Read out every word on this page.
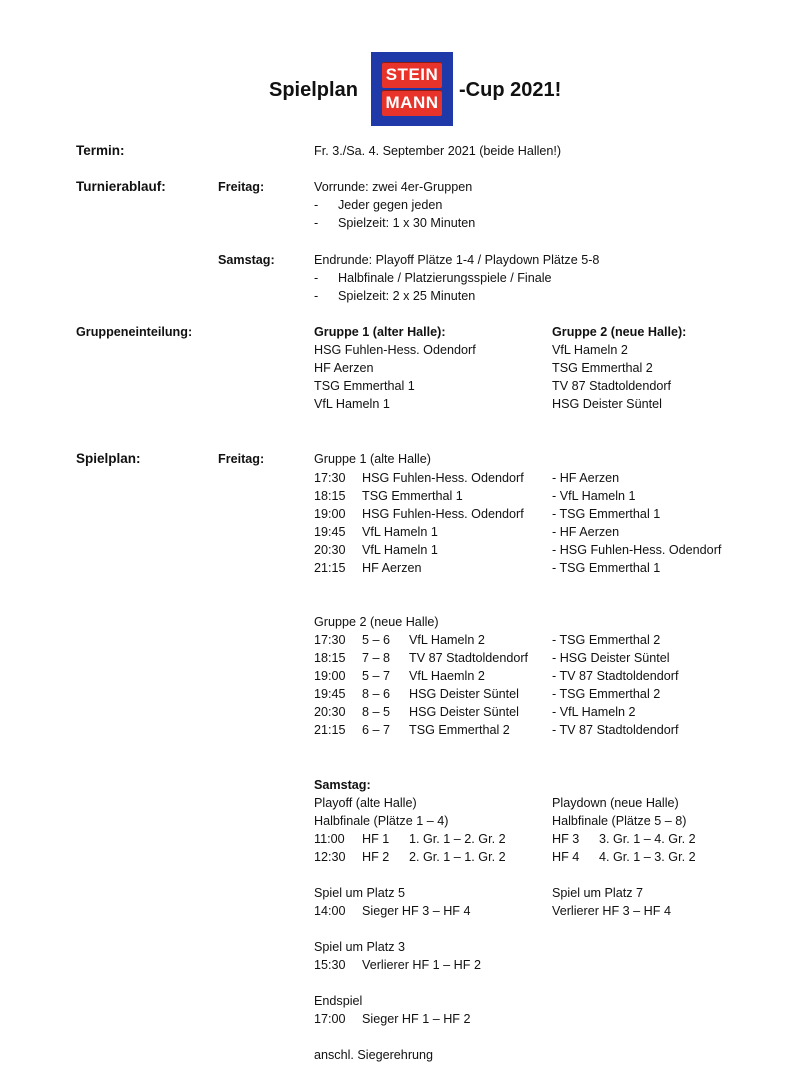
Spielplan
STEIN
MANN
-Cup 2021!
Termin:	Fr. 3./Sa. 4. September 2021 (beide Hallen!)
Turnierablauf:	Freitag:	Vorrunde: zwei 4er-Gruppen
- Jeder gegen jeden
- Spielzeit: 1 x 30 Minuten
Samstag:	Endrunde: Playoff Plätze 1-4 / Playdown Plätze 5-8
- Halbfinale / Platzierungsspiele / Finale
- Spielzeit: 2 x 25 Minuten
Gruppeneinteilung:	Gruppe 1 (alter Halle):
HSG Fuhlen-Hess. Odendorf
HF Aerzen
TSG Emmerthal 1
VfL Hameln 1
Gruppe 2 (neue Halle):
VfL Hameln 2
TSG Emmerthal 2
TV 87 Stadtoldendorf
HSG Deister Süntel
Spielplan:	Freitag:	Gruppe 1 (alte Halle)
17:30 HSG Fuhlen-Hess. Odendorf - HF Aerzen
18:15 TSG Emmerthal 1	- VfL Hameln 1
19:00 HSG Fuhlen-Hess. Odendorf - TSG Emmerthal 1
19:45 VfL Hameln 1	- HF Aerzen
20:30 VfL Hameln 1	- HSG Fuhlen-Hess. Odendorf
21:15 HF Aerzen	- TSG Emmerthal 1
Gruppe 2 (neue Halle)
17:30 5 – 6 VfL Hameln 2	- TSG Emmerthal 2
18:15 7 – 8 TV 87 Stadtoldendorf - HSG Deister Süntel
19:00 5 – 7 VfL Haemln 2	- TV 87 Stadtoldendorf
19:45 8 – 6 HSG Deister Süntel	- TSG Emmerthal 2
20:30 8 – 5 HSG Deister Süntel	- VfL Hameln 2
21:15 6 – 7 TSG Emmerthal 2	- TV 87 Stadtoldendorf
Samstag:
Playoff (alte Halle)
Halbfinale (Plätze 1 – 4)
11:00 HF 1 1. Gr. 1 – 2. Gr. 2
12:30 HF 2 2. Gr. 1 – 1. Gr. 2
Playdown (neue Halle)
Halbfinale (Plätze 5 – 8)
HF 3 3. Gr. 1 – 4. Gr. 2
HF 4 4. Gr. 1 – 3. Gr. 2
Spiel um Platz 5
14:00 Sieger HF 3 – HF 4
Spiel um Platz 7
Verlierer HF 3 – HF 4
Spiel um Platz 3
15:30 Verlierer HF 1 – HF 2
Endspiel
17:00 Sieger HF 1 – HF 2
anschl. Siegerehrung
